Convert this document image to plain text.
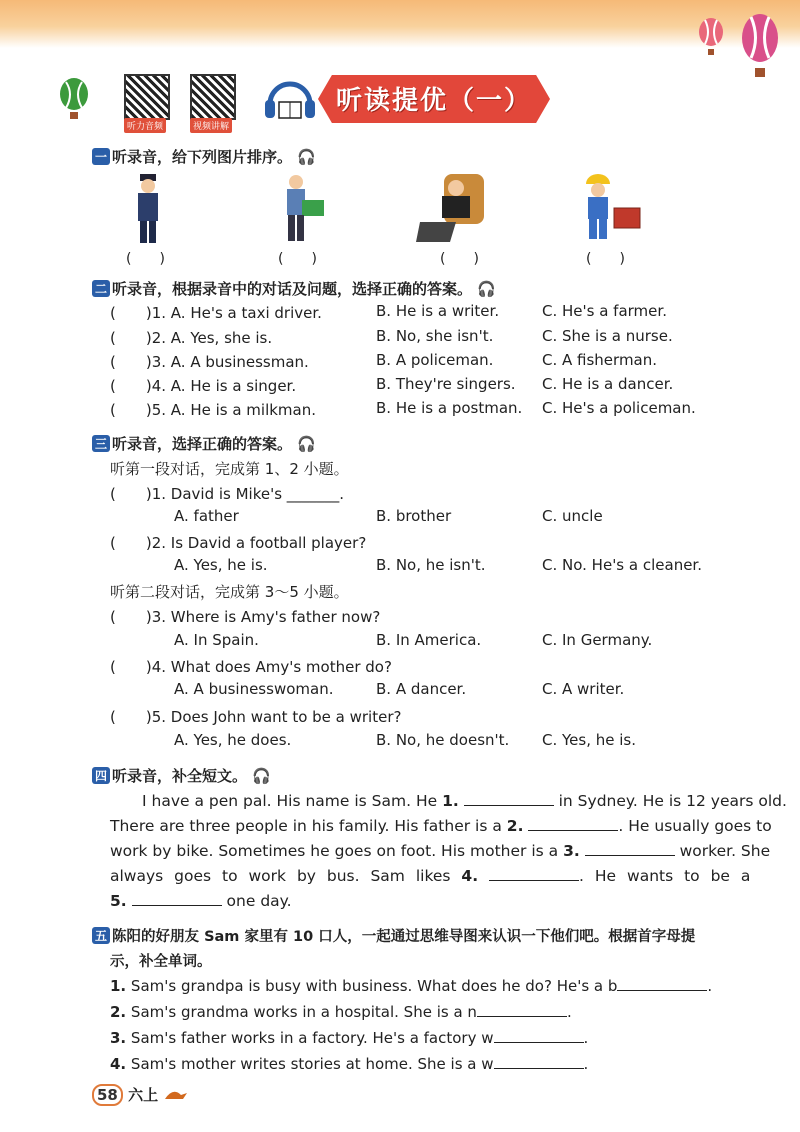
听力音频	视频讲解
听读提优（一）
一 听录音，给下列图片排序。 🎧
(　　)	(　　)	(　　)	(　　)
二 听录音，根据录音中的对话及问题，选择正确的答案。 🎧
(　　)1. A. He's a taxi driver.	B. He is a writer.	C. He's a farmer.
(　　)2. A. Yes, she is.	B. No, she isn't.	C. She is a nurse.
(　　)3. A. A businessman.	B. A policeman.	C. A fisherman.
(　　)4. A. He is a singer.	B. They're singers. C. He is a dancer.
(　　)5. A. He is a milkman.	B. He is a postman. C. He's a policeman.
三 听录音，选择正确的答案。 🎧
听第一段对话，完成第 1、2 小题。
(　　)1. David is Mike's _______.
A. father	B. brother	C. uncle
(　　)2. Is David a football player?
A. Yes, he is.	B. No, he isn't.	C. No. He's a cleaner.
听第二段对话，完成第 3～5 小题。
(　　)3. Where is Amy's father now?
A. In Spain.	B. In America.	C. In Germany.
(　　)4. What does Amy's mother do?
A. A businesswoman.	B. A dancer.	C. A writer.
(　　)5. Does John want to be a writer?
A. Yes, he does.	B. No, he doesn't. C. Yes, he is.
四 听录音，补全短文。 🎧
I have a pen pal. His name is Sam. He 1.	in Sydney. He is 12 years old.
There are three people in his family. His father is a 2.	. He usually goes to
work by bike. Sometimes he goes on foot. His mother is a 3.	worker. She
always goes to work by bus. Sam likes 4.	. He wants to be a
5.	one day.
五 陈阳的好朋友 Sam 家里有 10 口人，一起通过思维导图来认识一下他们吧。根据首字母提
示，补全单词。
1. Sam's grandpa is busy with business. What does he do? He's a b	.
2. Sam's grandma works in a hospital. She is a n	.
3. Sam's father works in a factory. He's a factory w	.
4. Sam's mother writes stories at home. She is a w	.
58 六上
